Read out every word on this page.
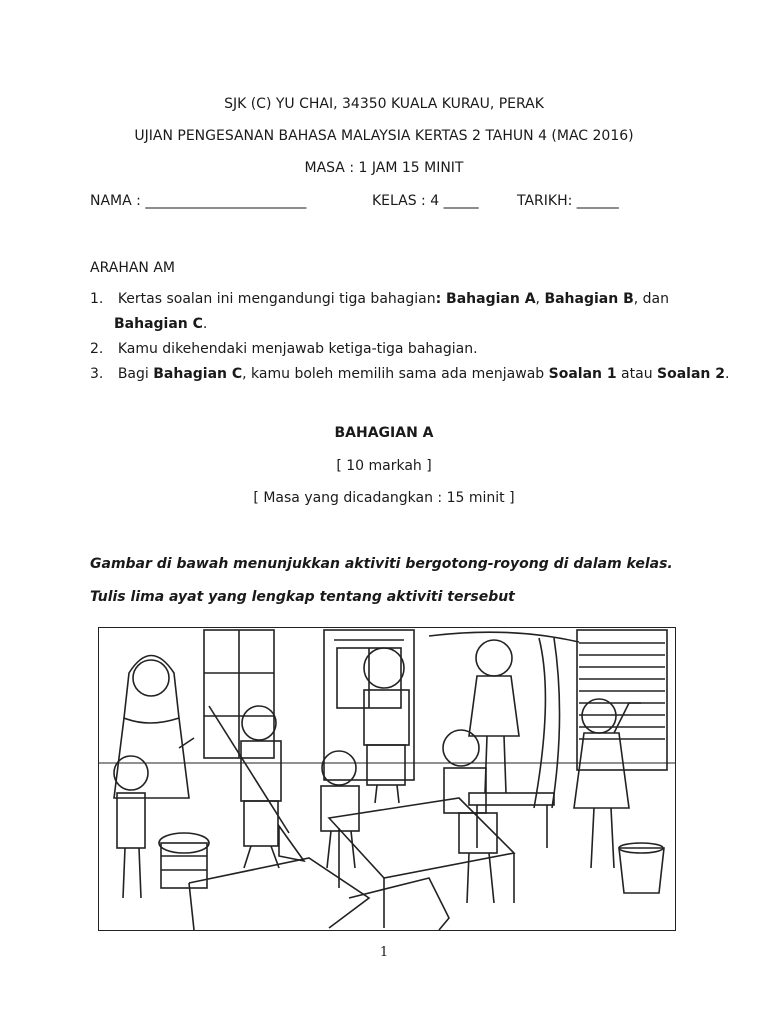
SJK (C) YU CHAI, 34350 KUALA KURAU, PERAK
UJIAN PENGESANAN BAHASA MALAYSIA KERTAS 2 TAHUN 4 (MAC 2016)
MASA : 1 JAM 15 MINIT
NAMA : _______________________	KELAS : 4 _____	TARIKH: ______
ARAHAN AM
1. Kertas soalan ini mengandungi tiga bahagian: Bahagian A, Bahagian B, dan
Bahagian C.
2. Kamu dikehendaki menjawab ketiga-tiga bahagian.
3. Bagi Bahagian C, kamu boleh memilih sama ada menjawab Soalan 1 atau Soalan 2.
BAHAGIAN A
[ 10 markah ]
[ Masa yang dicadangkan : 15 minit ]
Gambar di bawah menunjukkan aktiviti bergotong-royong di dalam kelas.
Tulis lima ayat yang lengkap tentang aktiviti tersebut
1
